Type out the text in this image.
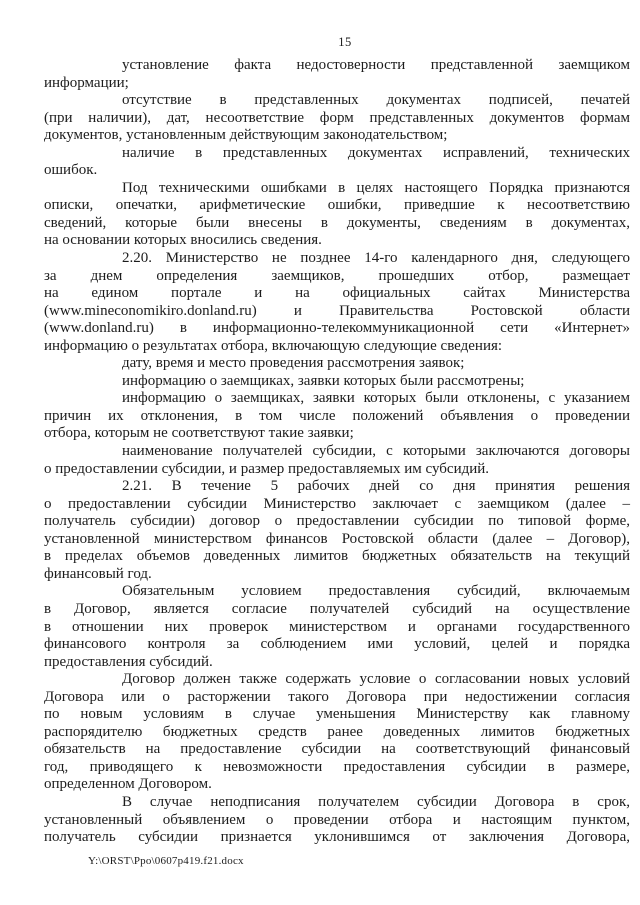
15
установление факта недостоверности представленной заемщиком
информации;
отсутствие в представленных документах подписей, печатей
(при наличии), дат, несоответствие форм представленных документов формам
документов, установленным действующим законодательством;
наличие в представленных документах исправлений, технических
ошибок.
Под техническими ошибками в целях настоящего Порядка признаются
описки, опечатки, арифметические ошибки, приведшие к несоответствию
сведений, которые были внесены в документы, сведениям в документах,
на основании которых вносились сведения.
2.20. Министерство не позднее 14-го календарного дня, следующего
за днем определения заемщиков, прошедших отбор, размещает
на едином портале и на официальных сайтах Министерства
(www.mineconomikiro.donland.ru) и Правительства Ростовской области
(www.donland.ru) в информационно-телекоммуникационной сети «Интернет»
информацию о результатах отбора, включающую следующие сведения:
дату, время и место проведения рассмотрения заявок;
информацию о заемщиках, заявки которых были рассмотрены;
информацию о заемщиках, заявки которых были отклонены, с указанием
причин их отклонения, в том числе положений объявления о проведении
отбора, которым не соответствуют такие заявки;
наименование получателей субсидии, с которыми заключаются договоры
о предоставлении субсидии, и размер предоставляемых им субсидий.
2.21. В течение 5 рабочих дней со дня принятия решения
о предоставлении субсидии Министерство заключает с заемщиком (далее –
получатель субсидии) договор о предоставлении субсидии по типовой форме,
установленной министерством финансов Ростовской области (далее – Договор),
в пределах объемов доведенных лимитов бюджетных обязательств на текущий
финансовый год.
Обязательным условием предоставления субсидий, включаемым
в Договор, является согласие получателей субсидий на осуществление
в отношении них проверок министерством и органами государственного
финансового контроля за соблюдением ими условий, целей и порядка
предоставления субсидий.
Договор должен также содержать условие о согласовании новых условий
Договора или о расторжении такого Договора при недостижении согласия
по новым условиям в случае уменьшения Министерству как главному
распорядителю бюджетных средств ранее доведенных лимитов бюджетных
обязательств на предоставление субсидии на соответствующий финансовый
год, приводящего к невозможности предоставления субсидии в размере,
определенном Договором.
В случае неподписания получателем субсидии Договора в срок,
установленный объявлением о проведении отбора и настоящим пунктом,
получатель субсидии признается уклонившимся от заключения Договора,
Y:\ORST\Ppo\0607p419.f21.docx
